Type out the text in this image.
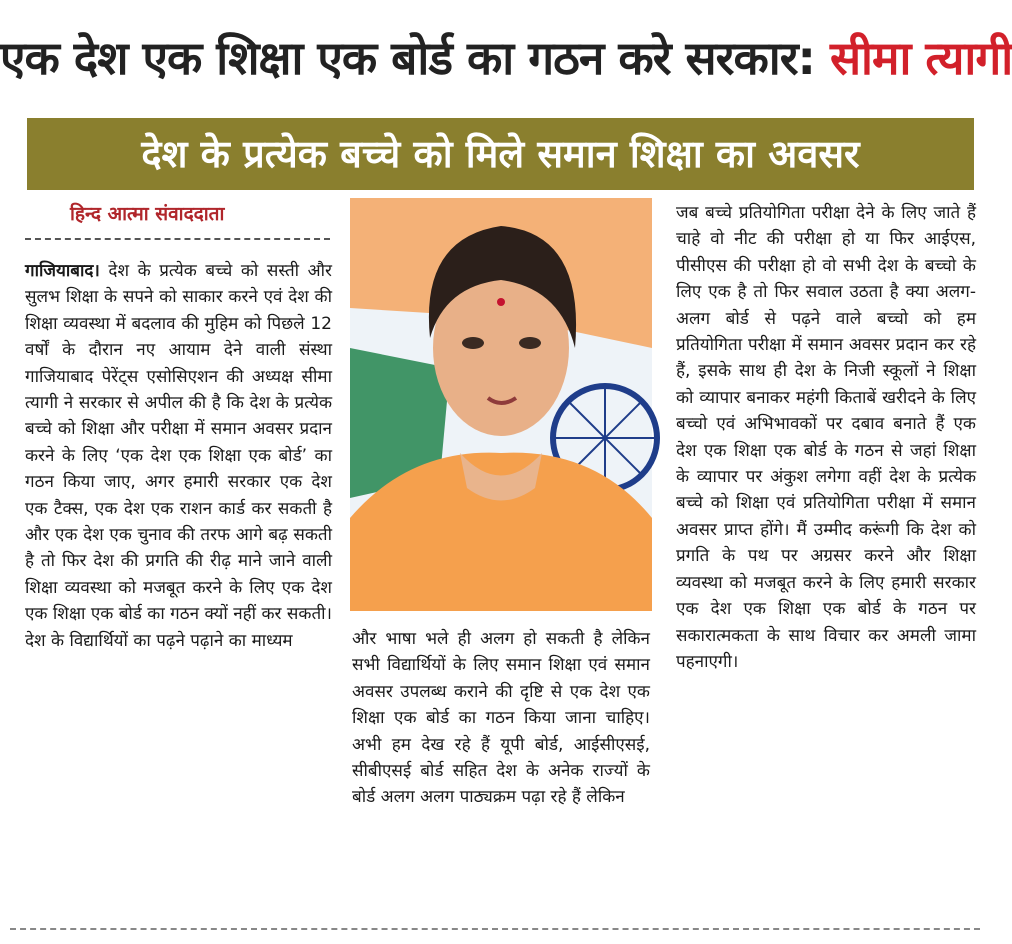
एक देश एक शिक्षा एक बोर्ड का गठन करे सरकार: सीमा त्यागी
देश के प्रत्येक बच्चे को मिले समान शिक्षा का अवसर
हिन्द आत्मा संवाददाता

गाजियाबाद। देश के प्रत्येक बच्चे को सस्ती और सुलभ शिक्षा के सपने को साकार करने एवं देश की शिक्षा व्यवस्था में बदलाव की मुहिम को पिछले 12 वर्षों के दौरान नए आयाम देने वाली संस्था गाजियाबाद पेरेंट्स एसोसिएशन की अध्यक्ष सीमा त्यागी ने सरकार से अपील की है कि देश के प्रत्येक बच्चे को शिक्षा और परीक्षा में समान अवसर प्रदान करने के लिए ‘एक देश एक शिक्षा एक बोर्ड’ का गठन किया जाए, अगर हमारी सरकार एक देश एक टैक्स, एक देश एक राशन कार्ड कर सकती है और एक देश एक चुनाव की तरफ आगे बढ़ सकती है तो फिर देश की प्रगति की रीढ़ माने जाने वाली शिक्षा व्यवस्था को मजबूत करने के लिए एक देश एक शिक्षा एक बोर्ड का गठन क्यों नहीं कर सकती। देश के विद्यार्थियों का पढ़ने पढ़ाने का माध्यम	और भाषा भले ही अलग हो सकती है लेकिन सभी विद्यार्थियों के लिए समान शिक्षा एवं समान अवसर उपलब्ध कराने की दृष्टि से एक देश एक शिक्षा एक बोर्ड का गठन किया जाना चाहिए। अभी हम देख रहे हैं यूपी बोर्ड, आईसीएसई, सीबीएसई बोर्ड सहित देश के अनेक राज्यों के बोर्ड अलग अलग पाठ्यक्रम पढ़ा रहे हैं लेकिन

जब बच्चे प्रतियोगिता परीक्षा देने के लिए जाते हैं चाहे वो नीट की परीक्षा हो या फिर आईएस, पीसीएस की परीक्षा हो वो सभी देश के बच्चो के लिए एक है तो फिर सवाल उठता है क्या अलग-अलग बोर्ड से पढ़ने वाले बच्चो को हम प्रतियोगिता परीक्षा में समान अवसर प्रदान कर रहे हैं, इसके साथ ही देश के निजी स्कूलों ने शिक्षा को व्यापार बनाकर महंगी किताबें खरीदने के लिए बच्चो एवं अभिभावकों पर दबाव बनाते हैं एक देश एक शिक्षा एक बोर्ड के गठन से जहां शिक्षा के व्यापार पर अंकुश लगेगा वहीं देश के प्रत्येक बच्चे को शिक्षा एवं प्रतियोगिता परीक्षा में समान अवसर प्राप्त होंगे। मैं उम्मीद करूंगी कि देश को प्रगति के पथ पर अग्रसर करने और शिक्षा व्यवस्था को मजबूत करने के लिए हमारी सरकार एक देश एक शिक्षा एक बोर्ड के गठन पर सकारात्मकता के साथ विचार कर अमली जामा पहनाएगी।
